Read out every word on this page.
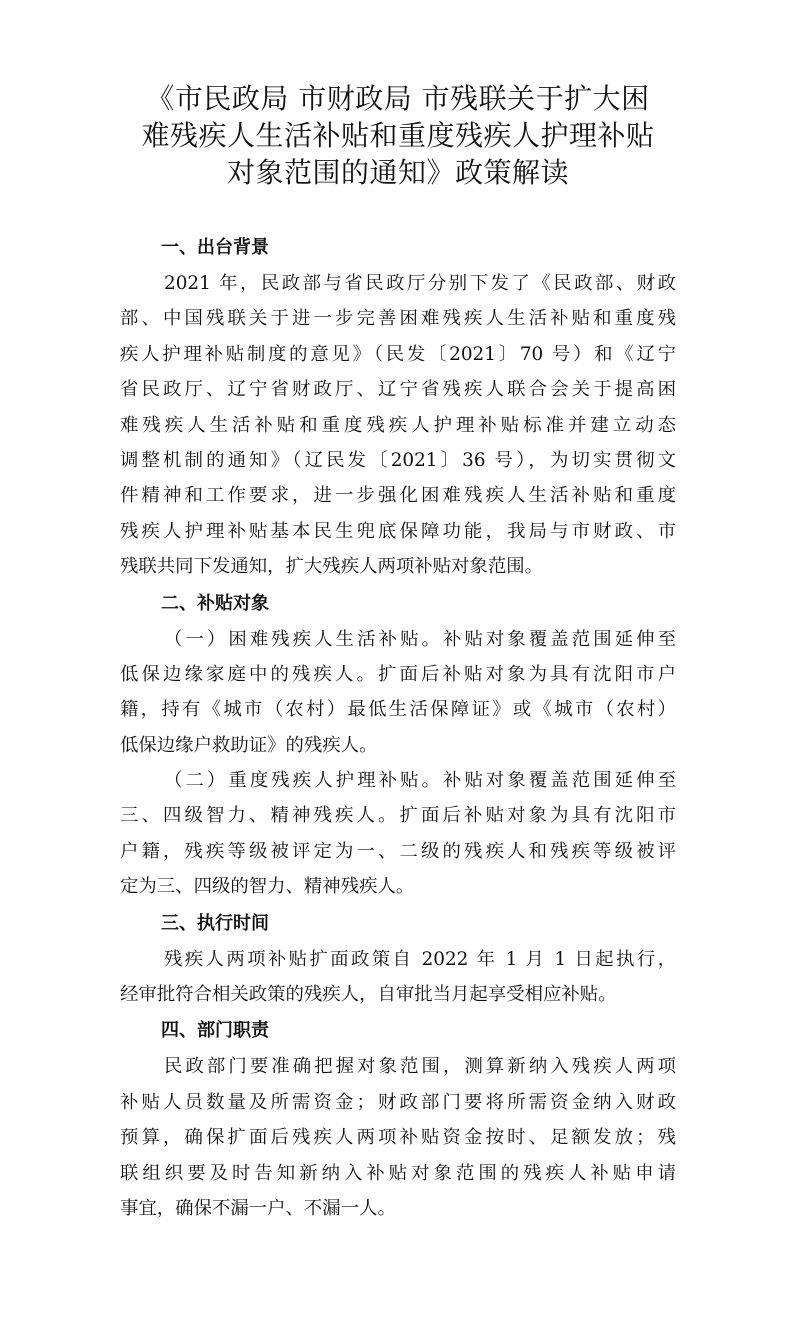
《市民政局 市财政局 市残联关于扩大困
难残疾人生活补贴和重度残疾人护理补贴
对象范围的通知》政策解读
一、出台背景
2021 年，民政部与省民政厅分别下发了《民政部、财政
部、中国残联关于进一步完善困难残疾人生活补贴和重度残
疾人护理补贴制度的意见》（民发〔2021〕70 号）和《辽宁
省民政厅、辽宁省财政厅、辽宁省残疾人联合会关于提高困
难残疾人生活补贴和重度残疾人护理补贴标准并建立动态
调整机制的通知》（辽民发〔2021〕36 号），为切实贯彻文
件精神和工作要求，进一步强化困难残疾人生活补贴和重度
残疾人护理补贴基本民生兜底保障功能，我局与市财政、市
残联共同下发通知，扩大残疾人两项补贴对象范围。
二、补贴对象
（一）困难残疾人生活补贴。补贴对象覆盖范围延伸至
低保边缘家庭中的残疾人。扩面后补贴对象为具有沈阳市户
籍，持有《城市（农村）最低生活保障证》或《城市（农村）
低保边缘户救助证》的残疾人。
（二）重度残疾人护理补贴。补贴对象覆盖范围延伸至
三、四级智力、精神残疾人。扩面后补贴对象为具有沈阳市
户籍，残疾等级被评定为一、二级的残疾人和残疾等级被评
定为三、四级的智力、精神残疾人。
三、执行时间
残疾人两项补贴扩面政策自 2022 年 1 月 1 日起执行，
经审批符合相关政策的残疾人，自审批当月起享受相应补贴。
四、部门职责
民政部门要准确把握对象范围，测算新纳入残疾人两项
补贴人员数量及所需资金；财政部门要将所需资金纳入财政
预算，确保扩面后残疾人两项补贴资金按时、足额发放；残
联组织要及时告知新纳入补贴对象范围的残疾人补贴申请
事宜，确保不漏一户、不漏一人。
